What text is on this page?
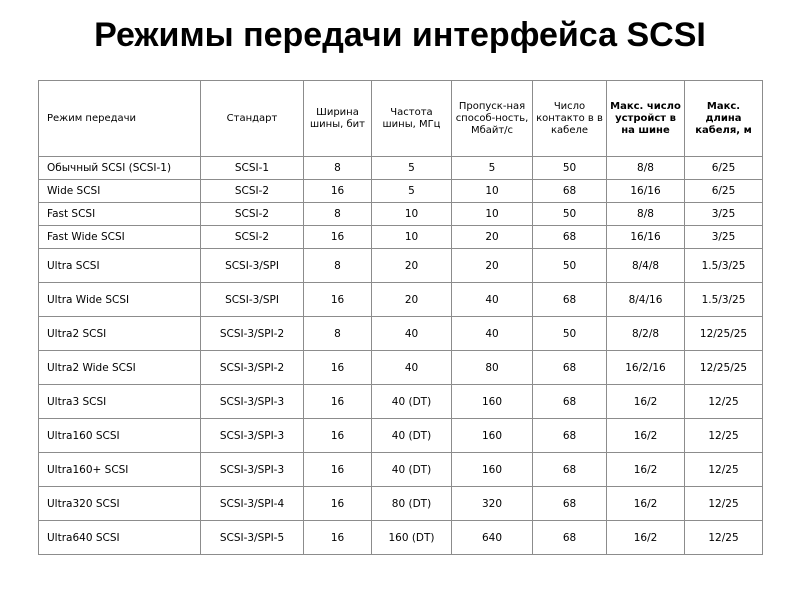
Режимы передачи интерфейса SCSI
Режим передачи	Стандарт	Ширина шины, бит	Частота шины, МГц	Пропуск-ная способ-ность, Мбайт/с	Число контакто в в кабеле	Макс. число устройст в на шине	Макс. длина кабеля, м
Обычный SCSI (SCSI-1)	SCSI-1	8	5	5	50	8/8	6/25
Wide SCSI	SCSI-2	16	5	10	68	16/16	6/25
Fast SCSI	SCSI-2	8	10	10	50	8/8	3/25
Fast Wide SCSI	SCSI-2	16	10	20	68	16/16	3/25
Ultra SCSI	SCSI-3/SPI	8	20	20	50	8/4/8	1.5/3/25
Ultra Wide SCSI	SCSI-3/SPI	16	20	40	68	8/4/16	1.5/3/25
Ultra2 SCSI	SCSI-3/SPI-2	8	40	40	50	8/2/8	12/25/25
Ultra2 Wide SCSI	SCSI-3/SPI-2	16	40	80	68	16/2/16	12/25/25
Ultra3 SCSI	SCSI-3/SPI-3	16	40 (DT)	160	68	16/2	12/25
Ultra160 SCSI	SCSI-3/SPI-3	16	40 (DT)	160	68	16/2	12/25
Ultra160+ SCSI	SCSI-3/SPI-3	16	40 (DT)	160	68	16/2	12/25
Ultra320 SCSI	SCSI-3/SPI-4	16	80 (DT)	320	68	16/2	12/25
Ultra640 SCSI	SCSI-3/SPI-5	16	160 (DT)	640	68	16/2	12/25
